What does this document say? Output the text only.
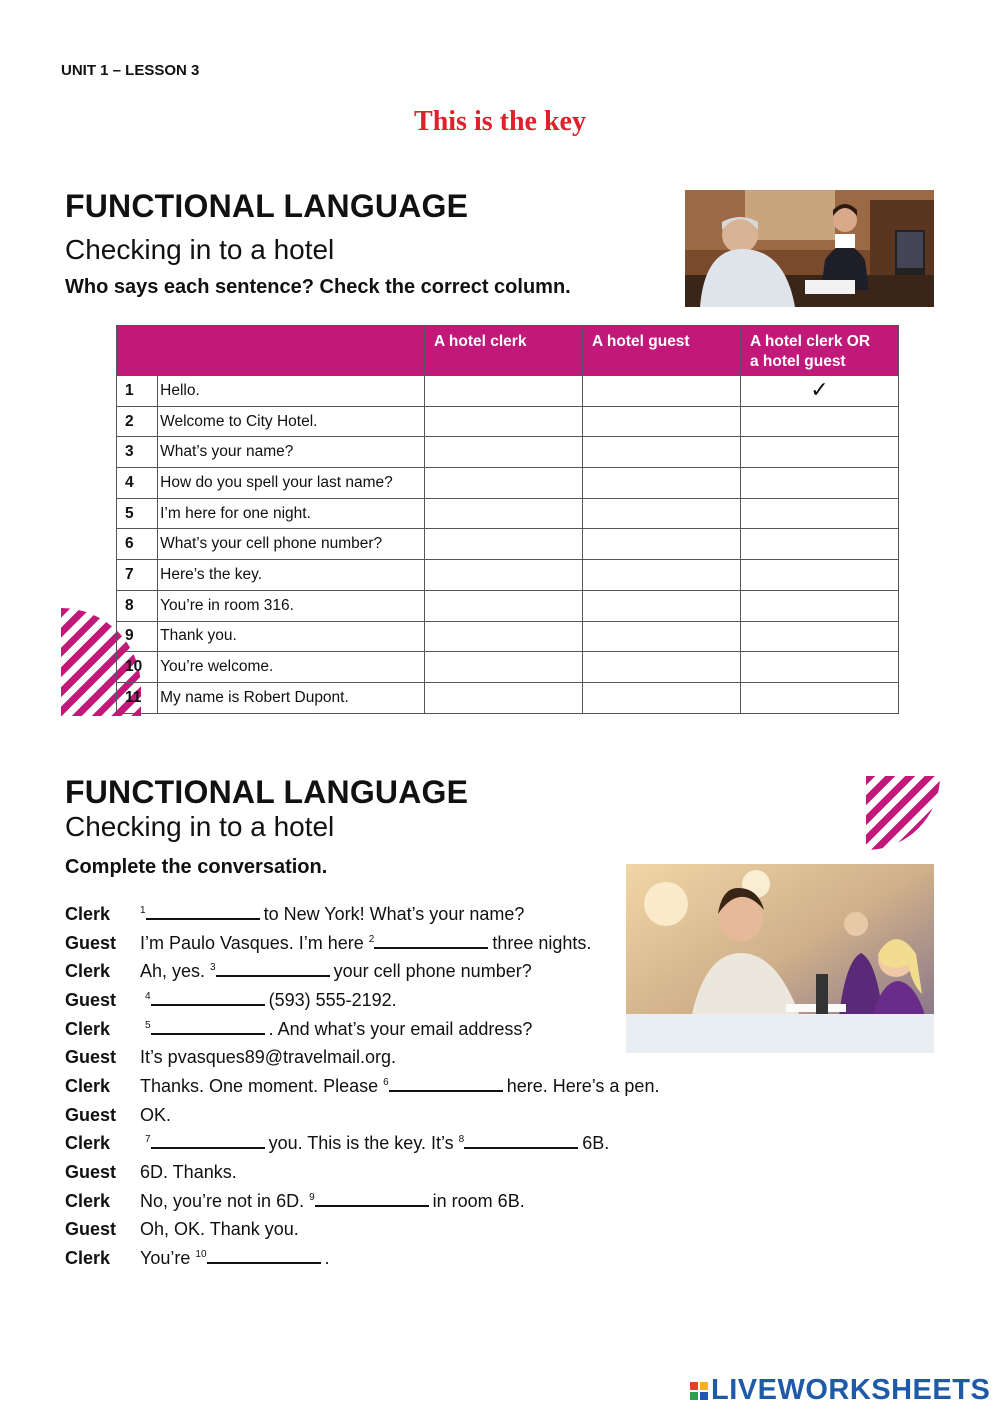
UNIT 1 – LESSON 3
This is the key
FUNCTIONAL LANGUAGE
Checking in to a hotel
Who says each sentence? Check the correct column.
		A hotel clerk	A hotel guest	A hotel clerk OR
a hotel guest
1	Hello.			✓
2	Welcome to City Hotel.			
3	What’s your name?			
4	How do you spell your last name?			
5	I’m here for one night.			
6	What’s your cell phone number?			
7	Here’s the key.			
8	You’re in room 316.			
9	Thank you.			
10	You’re welcome.			
11	My name is Robert Dupont.			
FUNCTIONAL LANGUAGE
Checking in to a hotel
Complete the conversation.
Clerk	$^1$	to New York! What’s your name?
Guest	I’m Paulo Vasques. I’m here $^2$	three nights.
Clerk	Ah, yes. $^3$	your cell phone number?
Guest	$^4$	(593) 555-2192.
Clerk	$^5$	. And what’s your email address?
Guest	It’s pvasques89@travelmail.org.
Clerk	Thanks. One moment. Please $^6$	here. Here’s a pen.
Guest	OK.
Clerk	$^7$	you. This is the key. It’s $^8$	6B.
Guest	6D. Thanks.
Clerk	No, you’re not in 6D. $^9$	in room 6B.
Guest	Oh, OK. Thank you.
Clerk	You’re $^{10}$	.
LIVEWORKSHEETS
